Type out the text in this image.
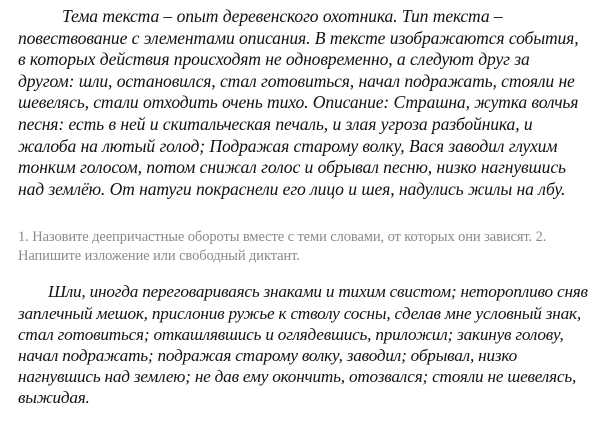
Тема текста – опыт деревенского охотника. Тип текста – повествование с элементами описания. В тексте изображаются события, в которых действия происходят не одновременно, а следуют друг за другом: шли, остановился, стал готовиться, начал подражать, стояли не шевелясь, стали отходить очень тихо. Описание: Страшна, жутка волчья песня: есть в ней и скитальческая печаль, и злая угроза разбойника, и жалоба на лютый голод; Подражая старому волку, Вася заводил глухим тонким голосом, потом снижал голос и обрывал песню, низко нагнувшись над землёю. От натуги покраснели его лицо и шея, надулись жилы на лбу.

1. Назовите деепричастные обороты вместе с теми словами, от которых они зависят. 2. Напишите изложение или свободный диктант.

Шли, иногда переговариваясь знаками и тихим свистом; неторопливо сняв заплечный мешок, прислонив ружье к стволу сосны, сделав мне условный знак, стал готовиться; откашлявшись и оглядевшись, приложил; закинув голову, начал подражать; подражая старому волку, заводил; обрывал, низко нагнувшись над землею; не дав ему окончить, отозвался; стояли не шевелясь, выжидая.
